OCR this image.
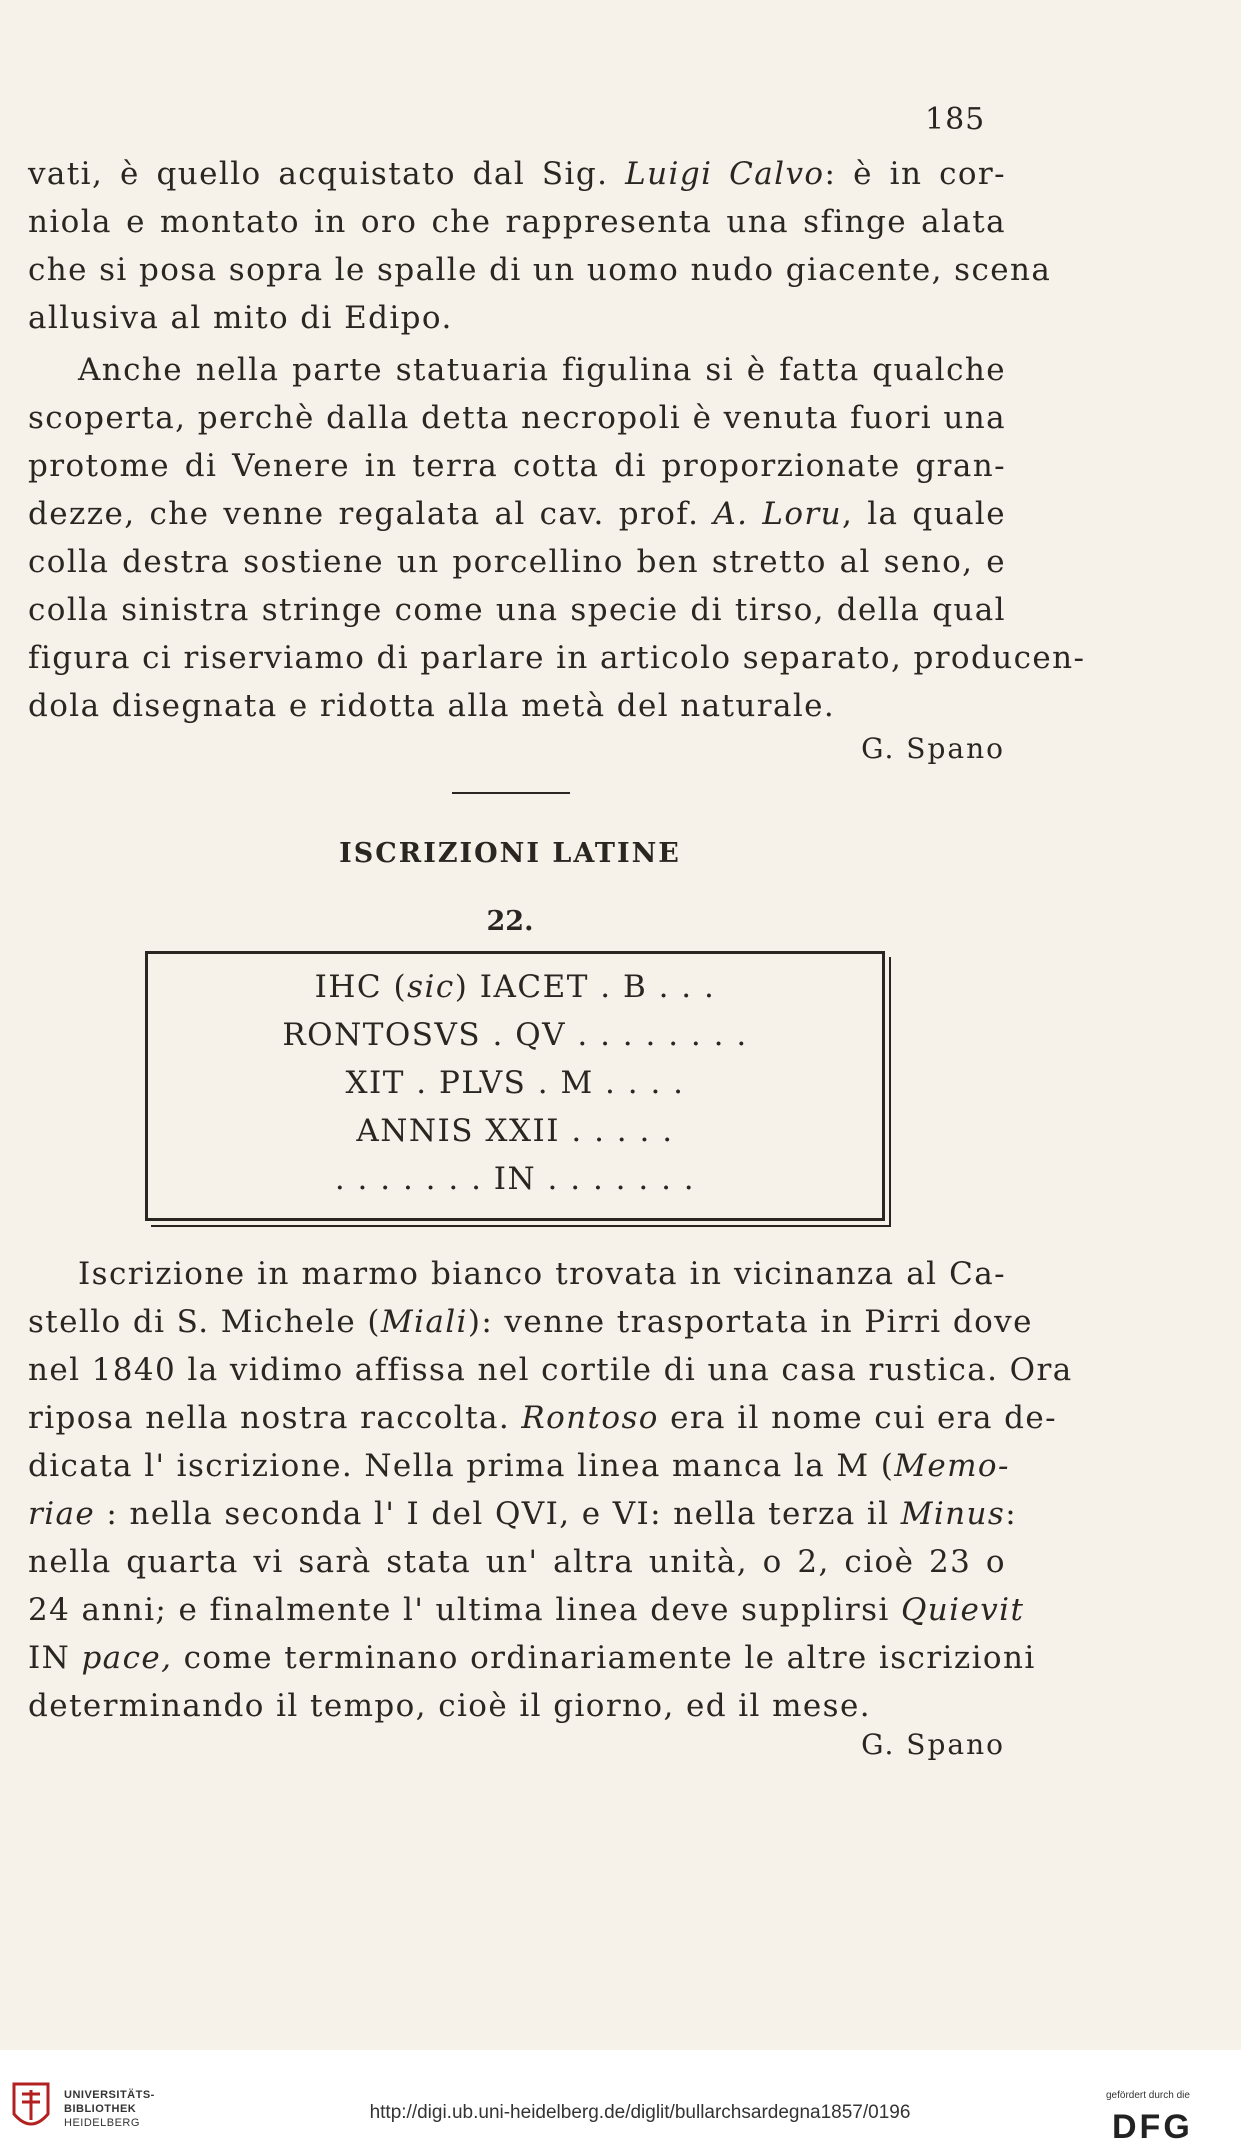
185
vati, è quello acquistato dal Sig. Luigi Calvo: è in cor-
niola e montato in oro che rappresenta una sfinge alata
che si posa sopra le spalle di un uomo nudo giacente, scena
allusiva al mito di Edipo.
Anche nella parte statuaria figulina si è fatta qualche
scoperta, perchè dalla detta necropoli è venuta fuori una
protome di Venere in terra cotta di proporzionate gran-
dezze, che venne regalata al cav. prof. A. Loru, la quale
colla destra sostiene un porcellino ben stretto al seno, e
colla sinistra stringe come una specie di tirso, della qual
figura ci riserviamo di parlare in articolo separato, producen-
dola disegnata e ridotta alla metà del naturale.
G. Spano
ISCRIZIONI LATINE
22.
IHC (sic) IACET . B . . .
RONTOSVS . QV . . . . . . . .
XIT . PLVS . M . . . .
ANNIS XXII . . . . .
. . . . . . . IN . . . . . . .
Iscrizione in marmo bianco trovata in vicinanza al Ca-
stello di S. Michele (Miali): venne trasportata in Pirri dove
nel 1840 la vidimo affissa nel cortile di una casa rustica. Ora
riposa nella nostra raccolta. Rontoso era il nome cui era de-
dicata l' iscrizione. Nella prima linea manca la M (Memo-
riae : nella seconda l' I del QVI, e VI: nella terza il Minus:
nella quarta vi sarà stata un' altra unità, o 2, cioè 23 o
24 anni; e finalmente l' ultima linea deve supplirsi Quievit
IN pace, come terminano ordinariamente le altre iscrizioni
determinando il tempo, cioè il giorno, ed il mese.
G. Spano
UNIVERSITÄTS-
BIBLIOTHEK
HEIDELBERG	http://digi.ub.uni-heidelberg.de/diglit/bullarchsardegna1857/0196
gefördert durch die
DFG
